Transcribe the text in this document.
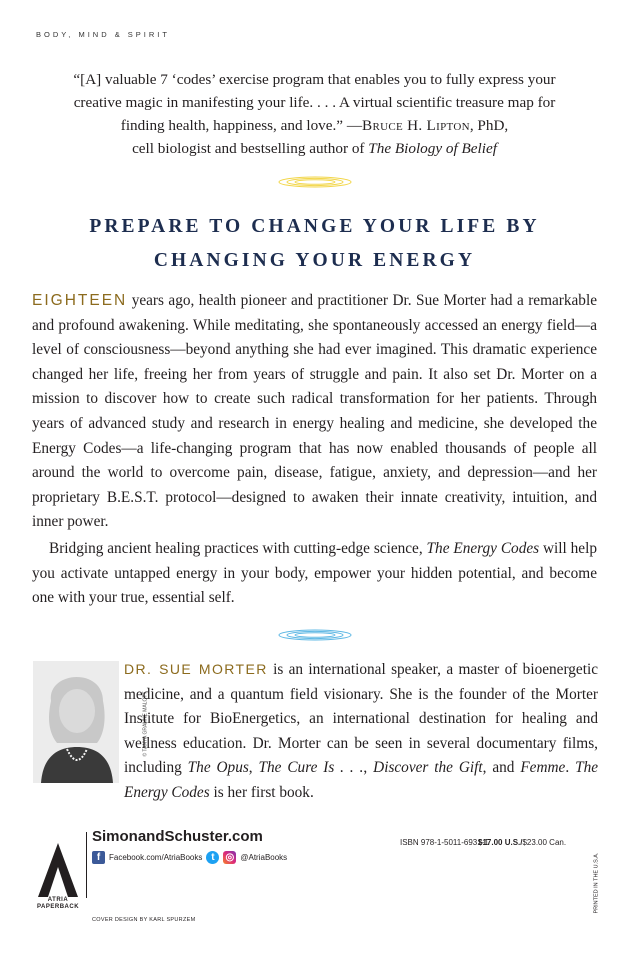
BODY, MIND & SPIRIT
“[A] valuable 7 ‘codes’ exercise program that enables you to fully express your creative magic in manifesting your life. . . . A virtual scientific treasure map for finding health, happiness, and love.” —Bruce H. Lipton, PhD,
cell biologist and bestselling author of The Biology of Belief
PREPARE TO CHANGE YOUR LIFE BY
CHANGING YOUR ENERGY

EIGHTEEN years ago, health pioneer and practitioner Dr. Sue Morter had a remarkable and profound awakening. While meditating, she spontaneously accessed an energy field—a level of consciousness—beyond anything she had ever imagined. This dramatic experience changed her life, freeing her from years of struggle and pain. It also set Dr. Morter on a mission to discover how to create such radical transformation for her patients. Through years of advanced study and research in energy healing and medicine, she developed the Energy Codes—a life-changing program that has now enabled thousands of people all around the world to overcome pain, disease, fatigue, anxiety, and depression—and her proprietary B.E.S.T. protocol—designed to awaken their innate creativity, intuition, and inner power.

Bridging ancient healing practices with cutting-edge science, The Energy Codes will help you activate untapped energy in your body, empower your hidden potential, and become one with your true, essential self.

© TANYA GRANNE MALOTT
DR. SUE MORTER is an international speaker, a master of bioenergetic medicine, and a quantum field visionary. She is the founder of the Morter Institute for BioEnergetics, an international destination for healing and wellness education. Dr. Morter can be seen in several documentary films, including The Opus, The Cure Is . . ., Discover the Gift, and Femme. The Energy Codes is her first book.
ATRIA
PAPERBACK
SimonandSchuster.com
f	Facebook.com/AtriaBooks t	◎ @AtriaBooks
ISBN 978-1-5011-6931-1
$17.00 U.S./$23.00 Can.
COVER DESIGN BY KARL SPURZEM
PRINTED IN THE U.S.A.
